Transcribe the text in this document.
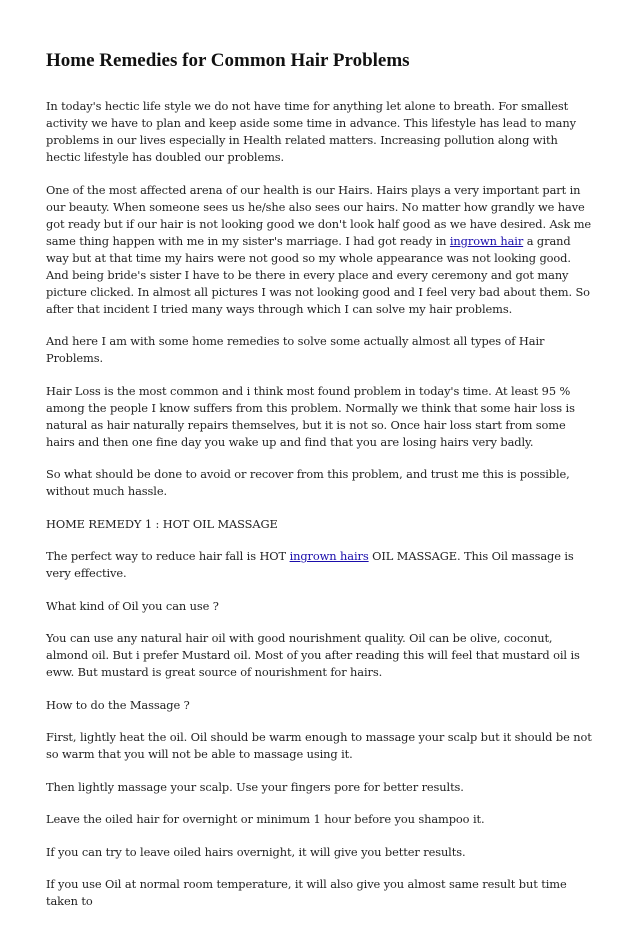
Home Remedies for Common Hair Problems

In today's hectic life style we do not have time for anything let alone to breath. For smallest activity we have to plan and keep aside some time in advance. This lifestyle has lead to many problems in our lives especially in Health related matters. Increasing pollution along with hectic lifestyle has doubled our problems.

One of the most affected arena of our health is our Hairs. Hairs plays a very important part in our beauty. When someone sees us he/she also sees our hairs. No matter how grandly we have got ready but if our hair is not looking good we don't look half good as we have desired. Ask me same thing happen with me in my sister's marriage. I had got ready in ingrown hair a grand way but at that time my hairs were not good so my whole appearance was not looking good. And being bride's sister I have to be there in every place and every ceremony and got many picture clicked. In almost all pictures I was not looking good and I feel very bad about them. So after that incident I tried many ways through which I can solve my hair problems.

And here I am with some home remedies to solve some actually almost all types of Hair Problems.

Hair Loss is the most common and i think most found problem in today's time. At least 95 % among the people I know suffers from this problem. Normally we think that some hair loss is natural as hair naturally repairs themselves, but it is not so. Once hair loss start from some hairs and then one fine day you wake up and find that you are losing hairs very badly.

So what should be done to avoid or recover from this problem, and trust me this is possible, without much hassle.

HOME REMEDY 1 : HOT OIL MASSAGE

The perfect way to reduce hair fall is HOT ingrown hairs OIL MASSAGE. This Oil massage is very effective.

What kind of Oil you can use ?

You can use any natural hair oil with good nourishment quality. Oil can be olive, coconut, almond oil. But i prefer Mustard oil. Most of you after reading this will feel that mustard oil is eww. But mustard is great source of nourishment for hairs.

How to do the Massage ?

First, lightly heat the oil. Oil should be warm enough to massage your scalp but it should be not so warm that you will not be able to massage using it.

Then lightly massage your scalp. Use your fingers pore for better results.

Leave the oiled hair for overnight or minimum 1 hour before you shampoo it.

If you can try to leave oiled hairs overnight, it will give you better results.

If you use Oil at normal room temperature, it will also give you almost same result but time taken to
